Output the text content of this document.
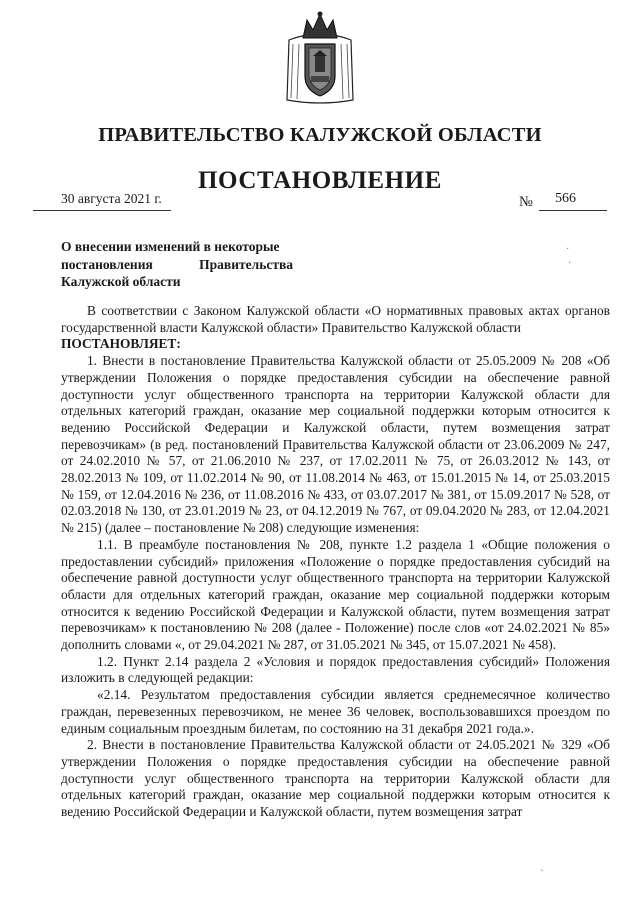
ПРАВИТЕЛЬСТВО КАЛУЖСКОЙ ОБЛАСТИ
ПОСТАНОВЛЕНИЕ
30 августа 2021 г.	№ 566
О внесении изменений в некоторые
постановления	Правительства
Калужской области
·
·

В соответствии с Законом Калужской области «О нормативных правовых актах органов государственной власти Калужской области» Правительство Калужской области

ПОСТАНОВЛЯЕТ:

1. Внести в постановление Правительства Калужской области от 25.05.2009 № 208 «Об утверждении Положения о порядке предоставления субсидии на обеспечение равной доступности услуг общественного транспорта на территории Калужской области для отдельных категорий граждан, оказание мер социальной поддержки которым относится к ведению Российской Федерации и Калужской области, путем возмещения затрат перевозчикам» (в ред. постановлений Правительства Калужской области от 23.06.2009 № 247, от 24.02.2010 № 57, от 21.06.2010 № 237, от 17.02.2011 № 75, от 26.03.2012 № 143, от 28.02.2013 № 109, от 11.02.2014 № 90, от 11.08.2014 № 463, от 15.01.2015 № 14, от 25.03.2015 № 159, от 12.04.2016 № 236, от 11.08.2016 № 433, от 03.07.2017 № 381, от 15.09.2017 № 528, от 02.03.2018 № 130, от 23.01.2019 № 23, от 04.12.2019 № 767, от 09.04.2020 № 283, от 12.04.2021 № 215) (далее – постановление № 208) следующие изменения:

1.1. В преамбуле постановления № 208, пункте 1.2 раздела 1 «Общие положения о предоставлении субсидий» приложения «Положение о порядке предоставления субсидий на обеспечение равной доступности услуг общественного транспорта на территории Калужской области для отдельных категорий граждан, оказание мер социальной поддержки которым относится к ведению Российской Федерации и Калужской области, путем возмещения затрат перевозчикам» к постановлению № 208 (далее - Положение) после слов «от 24.02.2021 № 85» дополнить словами «, от 29.04.2021 № 287, от 31.05.2021 № 345, от 15.07.2021 № 458).

1.2. Пункт 2.14 раздела 2 «Условия и порядок предоставления субсидий» Положения изложить в следующей редакции:

«2.14. Результатом предоставления субсидии является среднемесячное количество граждан, перевезенных перевозчиком, не менее 36 человек, воспользовавшихся проездом по единым социальным проездным билетам, по состоянию на 31 декабря 2021 года.».

2. Внести в постановление Правительства Калужской области от 24.05.2021 № 329 «Об утверждении Положения о порядке предоставления субсидии на обеспечение равной доступности услуг общественного транспорта на территории Калужской области для отдельных категорий граждан, оказание мер социальной поддержки которым относится к ведению Российской Федерации и Калужской области, путем возмещения затрат

ˎ
